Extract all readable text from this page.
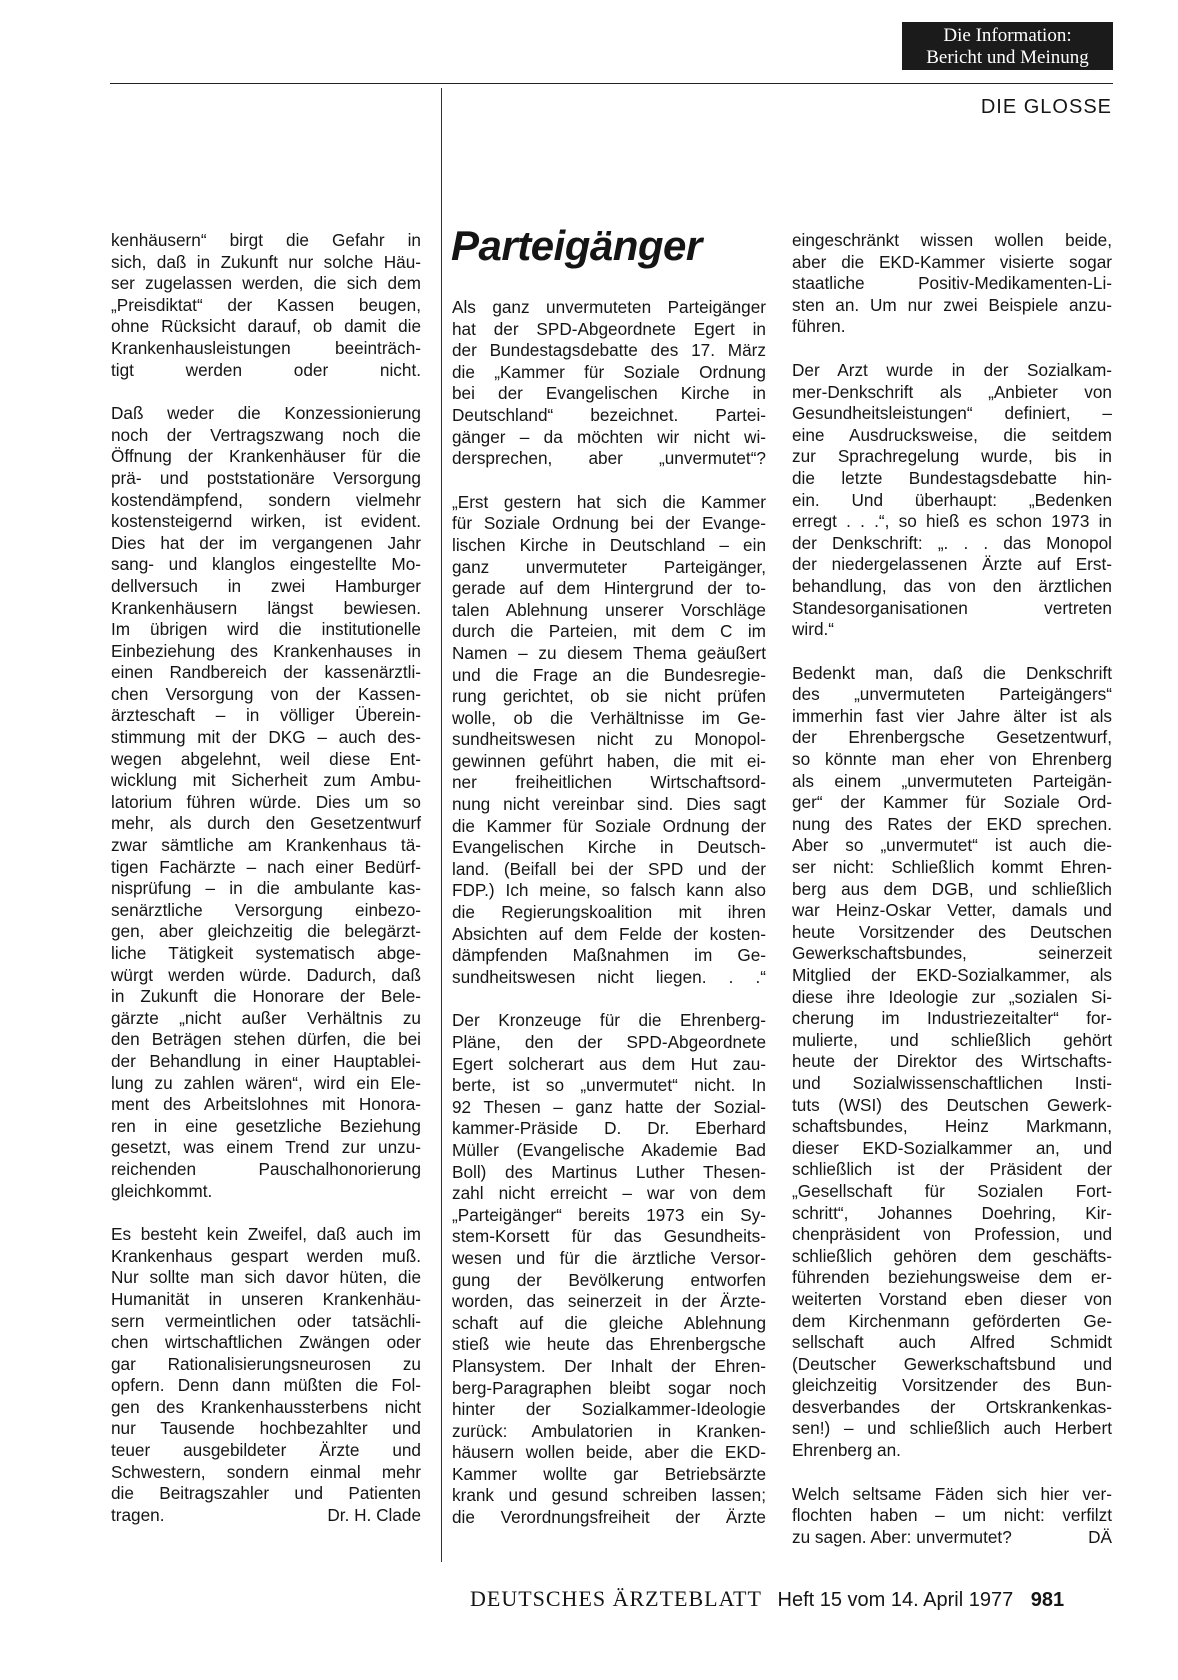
Die Information:
Bericht und Meinung
DIE GLOSSE
Parteigänger

kenhäusern“ birgt die Gefahr in
sich, daß in Zukunft nur solche Häu-
ser zugelassen werden, die sich dem
„Preisdiktat“ der Kassen beugen,
ohne Rücksicht darauf, ob damit die
Krankenhausleistungen beeinträch-
tigt werden oder nicht.

Daß weder die Konzessionierung
noch der Vertragszwang noch die
Öffnung der Krankenhäuser für die
prä- und poststationäre Versorgung
kostendämpfend, sondern vielmehr
kostensteigernd wirken, ist evident.
Dies hat der im vergangenen Jahr
sang- und klanglos eingestellte Mo-
dellversuch in zwei Hamburger
Krankenhäusern längst bewiesen.
Im übrigen wird die institutionelle
Einbeziehung des Krankenhauses in
einen Randbereich der kassenärztli-
chen Versorgung von der Kassen-
ärzteschaft – in völliger Überein-
stimmung mit der DKG – auch des-
wegen abgelehnt, weil diese Ent-
wicklung mit Sicherheit zum Ambu-
latorium führen würde. Dies um so
mehr, als durch den Gesetzentwurf
zwar sämtliche am Krankenhaus tä-
tigen Fachärzte – nach einer Bedürf-
nisprüfung – in die ambulante kas-
senärztliche Versorgung einbezo-
gen, aber gleichzeitig die belegärzt-
liche Tätigkeit systematisch abge-
würgt werden würde. Dadurch, daß
in Zukunft die Honorare der Bele-
gärzte „nicht außer Verhältnis zu
den Beträgen stehen dürfen, die bei
der Behandlung in einer Hauptablei-
lung zu zahlen wären“, wird ein Ele-
ment des Arbeitslohnes mit Honora-
ren in eine gesetzliche Beziehung
gesetzt, was einem Trend zur unzu-
reichenden Pauschalhonorierung
gleichkommt.

Es besteht kein Zweifel, daß auch im
Krankenhaus gespart werden muß.
Nur sollte man sich davor hüten, die
Humanität in unseren Krankenhäu-
sern vermeintlichen oder tatsächli-
chen wirtschaftlichen Zwängen oder
gar Rationalisierungsneurosen zu
opfern. Denn dann müßten die Fol-
gen des Krankenhaussterbens nicht
nur Tausende hochbezahlter und
teuer ausgebildeter Ärzte und
Schwestern, sondern einmal mehr
die Beitragszahler und Patienten
tragen.	Dr. H. Clade

Als ganz unvermuteten Parteigänger
hat der SPD-Abgeordnete Egert in
der Bundestagsdebatte des 17. März
die „Kammer für Soziale Ordnung
bei der Evangelischen Kirche in
Deutschland“ bezeichnet. Partei-
gänger – da möchten wir nicht wi-
dersprechen, aber „unvermutet“?

„Erst gestern hat sich die Kammer
für Soziale Ordnung bei der Evange-
lischen Kirche in Deutschland – ein
ganz unvermuteter Parteigänger,
gerade auf dem Hintergrund der to-
talen Ablehnung unserer Vorschläge
durch die Parteien, mit dem C im
Namen – zu diesem Thema geäußert
und die Frage an die Bundesregie-
rung gerichtet, ob sie nicht prüfen
wolle, ob die Verhältnisse im Ge-
sundheitswesen nicht zu Monopol-
gewinnen geführt haben, die mit ei-
ner freiheitlichen Wirtschaftsord-
nung nicht vereinbar sind. Dies sagt
die Kammer für Soziale Ordnung der
Evangelischen Kirche in Deutsch-
land. (Beifall bei der SPD und der
FDP.) Ich meine, so falsch kann also
die Regierungskoalition mit ihren
Absichten auf dem Felde der kosten-
dämpfenden Maßnahmen im Ge-
sundheitswesen nicht liegen. . .“

Der Kronzeuge für die Ehrenberg-
Pläne, den der SPD-Abgeordnete
Egert solcherart aus dem Hut zau-
berte, ist so „unvermutet“ nicht. In
92 Thesen – ganz hatte der Sozial-
kammer-Präside D. Dr. Eberhard
Müller (Evangelische Akademie Bad
Boll) des Martinus Luther Thesen-
zahl nicht erreicht – war von dem
„Parteigänger“ bereits 1973 ein Sy-
stem-Korsett für das Gesundheits-
wesen und für die ärztliche Versor-
gung der Bevölkerung entworfen
worden, das seinerzeit in der Ärzte-
schaft auf die gleiche Ablehnung
stieß wie heute das Ehrenbergsche
Plansystem. Der Inhalt der Ehren-
berg-Paragraphen bleibt sogar noch
hinter der Sozialkammer-Ideologie
zurück: Ambulatorien in Kranken-
häusern wollen beide, aber die EKD-
Kammer wollte gar Betriebsärzte
krank und gesund schreiben lassen;
die Verordnungsfreiheit der Ärzte

eingeschränkt wissen wollen beide,
aber die EKD-Kammer visierte sogar
staatliche Positiv-Medikamenten-Li-
sten an. Um nur zwei Beispiele anzu-
führen.

Der Arzt wurde in der Sozialkam-
mer-Denkschrift als „Anbieter von
Gesundheitsleistungen“ definiert, –
eine Ausdrucksweise, die seitdem
zur Sprachregelung wurde, bis in
die letzte Bundestagsdebatte hin-
ein. Und überhaupt: „Bedenken
erregt . . .“, so hieß es schon 1973 in
der Denkschrift: „. . . das Monopol
der niedergelassenen Ärzte auf Erst-
behandlung, das von den ärztlichen
Standesorganisationen vertreten
wird.“

Bedenkt man, daß die Denkschrift
des „unvermuteten Parteigängers“
immerhin fast vier Jahre älter ist als
der Ehrenbergsche Gesetzentwurf,
so könnte man eher von Ehrenberg
als einem „unvermuteten Parteigän-
ger“ der Kammer für Soziale Ord-
nung des Rates der EKD sprechen.
Aber so „unvermutet“ ist auch die-
ser nicht: Schließlich kommt Ehren-
berg aus dem DGB, und schließlich
war Heinz-Oskar Vetter, damals und
heute Vorsitzender des Deutschen
Gewerkschaftsbundes, seinerzeit
Mitglied der EKD-Sozialkammer, als
diese ihre Ideologie zur „sozialen Si-
cherung im Industriezeitalter“ for-
mulierte, und schließlich gehört
heute der Direktor des Wirtschafts-
und Sozialwissenschaftlichen Insti-
tuts (WSI) des Deutschen Gewerk-
schaftsbundes, Heinz Markmann,
dieser EKD-Sozialkammer an, und
schließlich ist der Präsident der
„Gesellschaft für Sozialen Fort-
schritt“, Johannes Doehring, Kir-
chenpräsident von Profession, und
schließlich gehören dem geschäfts-
führenden beziehungsweise dem er-
weiterten Vorstand eben dieser von
dem Kirchenmann geförderten Ge-
sellschaft auch Alfred Schmidt
(Deutscher Gewerkschaftsbund und
gleichzeitig Vorsitzender des Bun-
desverbandes der Ortskrankenkas-
sen!) – und schließlich auch Herbert
Ehrenberg an.

Welch seltsame Fäden sich hier ver-
flochten haben – um nicht: verfilzt
zu sagen. Aber: unvermutet?	DÄ

DEUTSCHES ÄRZTEBLATT Heft 15 vom 14. April 1977 981
